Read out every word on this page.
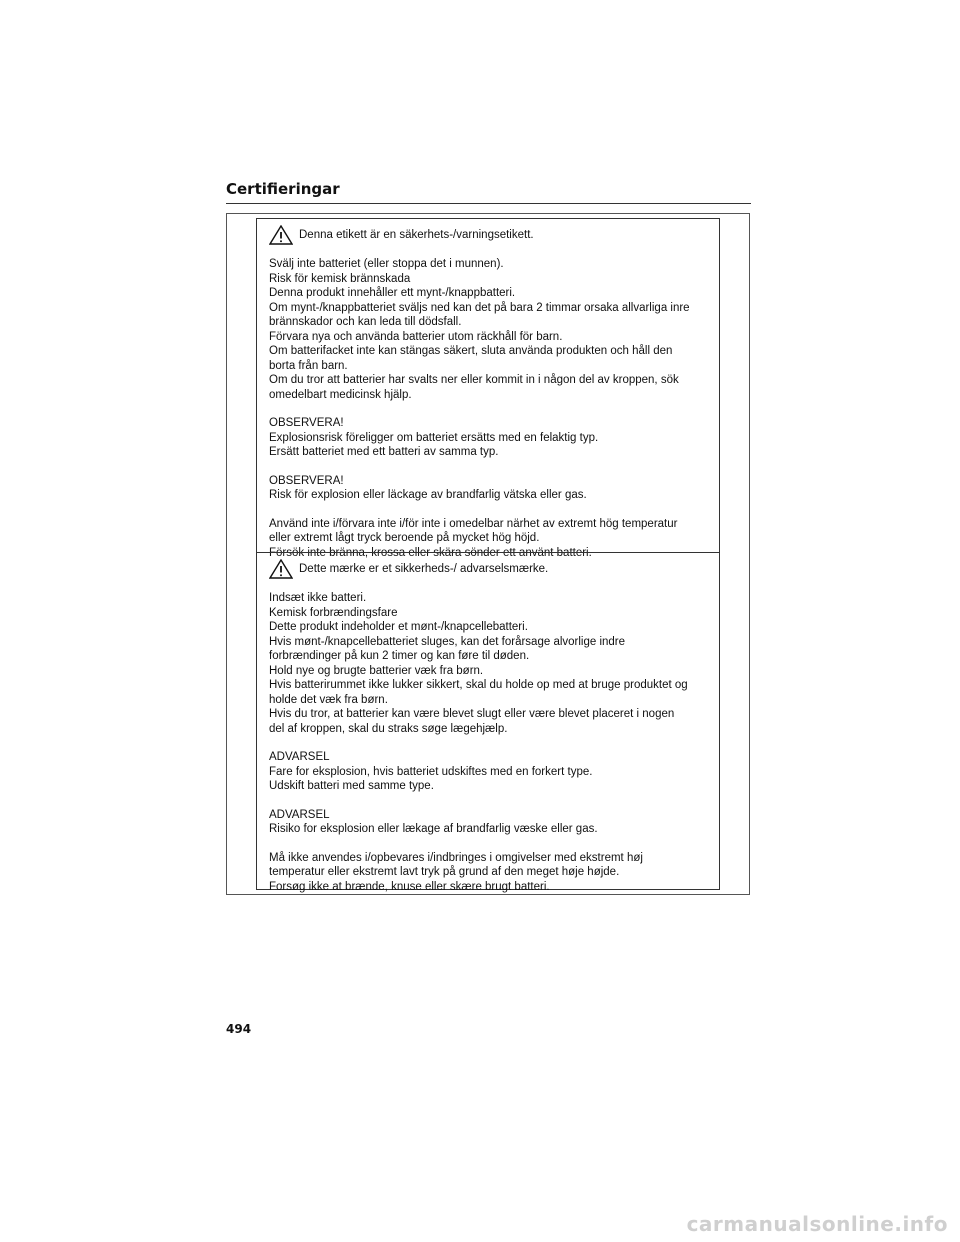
Certifieringar
Denna etikett är en säkerhets-/varningsetikett.
Svälj inte batteriet (eller stoppa det i munnen).
Risk för kemisk brännskada
Denna produkt innehåller ett mynt-/knappbatteri.
Om mynt-/knappbatteriet sväljs ned kan det på bara 2 timmar orsaka allvarliga inre
brännskador och kan leda till dödsfall.
Förvara nya och använda batterier utom räckhåll för barn.
Om batterifacket inte kan stängas säkert, sluta använda produkten och håll den
borta från barn.
Om du tror att batterier har svalts ner eller kommit in i någon del av kroppen, sök
omedelbart medicinsk hjälp.
OBSERVERA!
Explosionsrisk föreligger om batteriet ersätts med en felaktig typ.
Ersätt batteriet med ett batteri av samma typ.
OBSERVERA!
Risk för explosion eller läckage av brandfarlig vätska eller gas.
Använd inte i/förvara inte i/för inte i omedelbar närhet av extremt hög temperatur
eller extremt lågt tryck beroende på mycket hög höjd.
Försök inte bränna, krossa eller skära sönder ett använt batteri.
Dette mærke er et sikkerheds-/ advarselsmærke.
Indsæt ikke batteri.
Kemisk forbrændingsfare
Dette produkt indeholder et mønt-/knapcellebatteri.
Hvis mønt-/knapcellebatteriet sluges, kan det forårsage alvorlige indre
forbrændinger på kun 2 timer og kan føre til døden.
Hold nye og brugte batterier væk fra børn.
Hvis batterirummet ikke lukker sikkert, skal du holde op med at bruge produktet og
holde det væk fra børn.
Hvis du tror, at batterier kan være blevet slugt eller være blevet placeret i nogen
del af kroppen, skal du straks søge lægehjælp.
ADVARSEL
Fare for eksplosion, hvis batteriet udskiftes med en forkert type.
Udskift batteri med samme type.
ADVARSEL
Risiko for eksplosion eller lækage af brandfarlig væske eller gas.
Må ikke anvendes i/opbevares i/indbringes i omgivelser med ekstremt høj
temperatur eller ekstremt lavt tryk på grund af den meget høje højde.
Forsøg ikke at brænde, knuse eller skære brugt batteri.
494
carmanualsonline.info
